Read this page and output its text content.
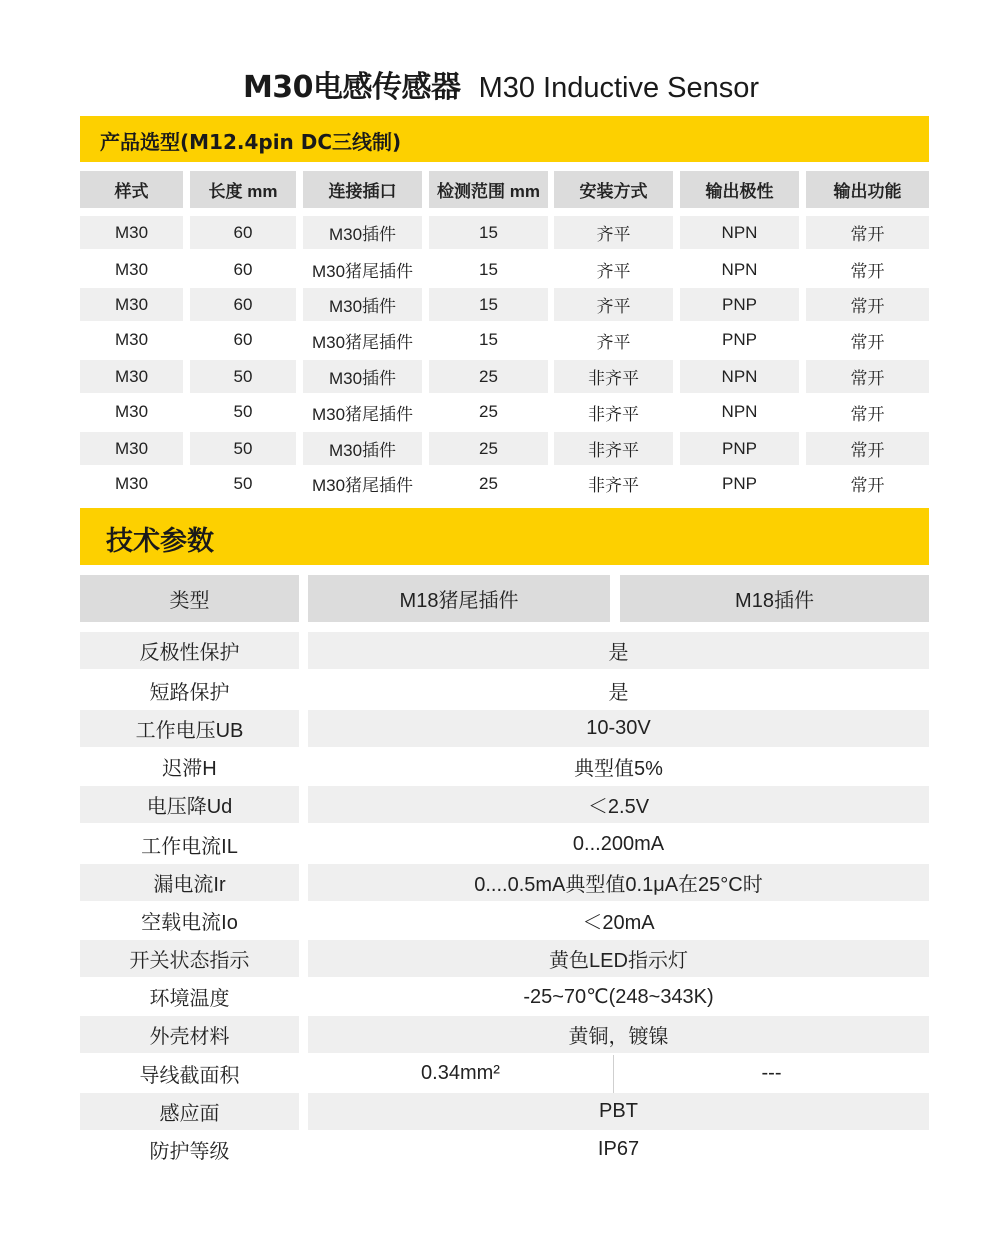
M30电感传感器 M30 Inductive Sensor
产品选型(M12.4pin DC三线制)
样式	长度 mm	连接插口	检测范围 mm	安装方式	输出极性	输出功能
M30	60	M30插件	15	齐平	NPN	常开
M30	60	M30猪尾插件	15	齐平	NPN	常开
M30	60	M30插件	15	齐平	PNP	常开
M30	60	M30猪尾插件	15	齐平	PNP	常开
M30	50	M30插件	25	非齐平	NPN	常开
M30	50	M30猪尾插件	25	非齐平	NPN	常开
M30	50	M30插件	25	非齐平	PNP	常开
M30	50	M30猪尾插件	25	非齐平	PNP	常开
技术参数
类型	M18猪尾插件	M18插件
反极性保护	是
短路保护	是
工作电压UB	10-30V
迟滞H	典型值5%
电压降Ud	＜2.5V
工作电流IL	0...200mA
漏电流Ir	0....0.5mA典型值0.1μA在25°C时
空载电流Io	＜20mA
开关状态指示	黄色LED指示灯
环境温度	-25~70℃(248~343K)
外壳材料	黄铜，镀镍
导线截面积	0.34mm²	---
感应面	PBT
防护等级	IP67
